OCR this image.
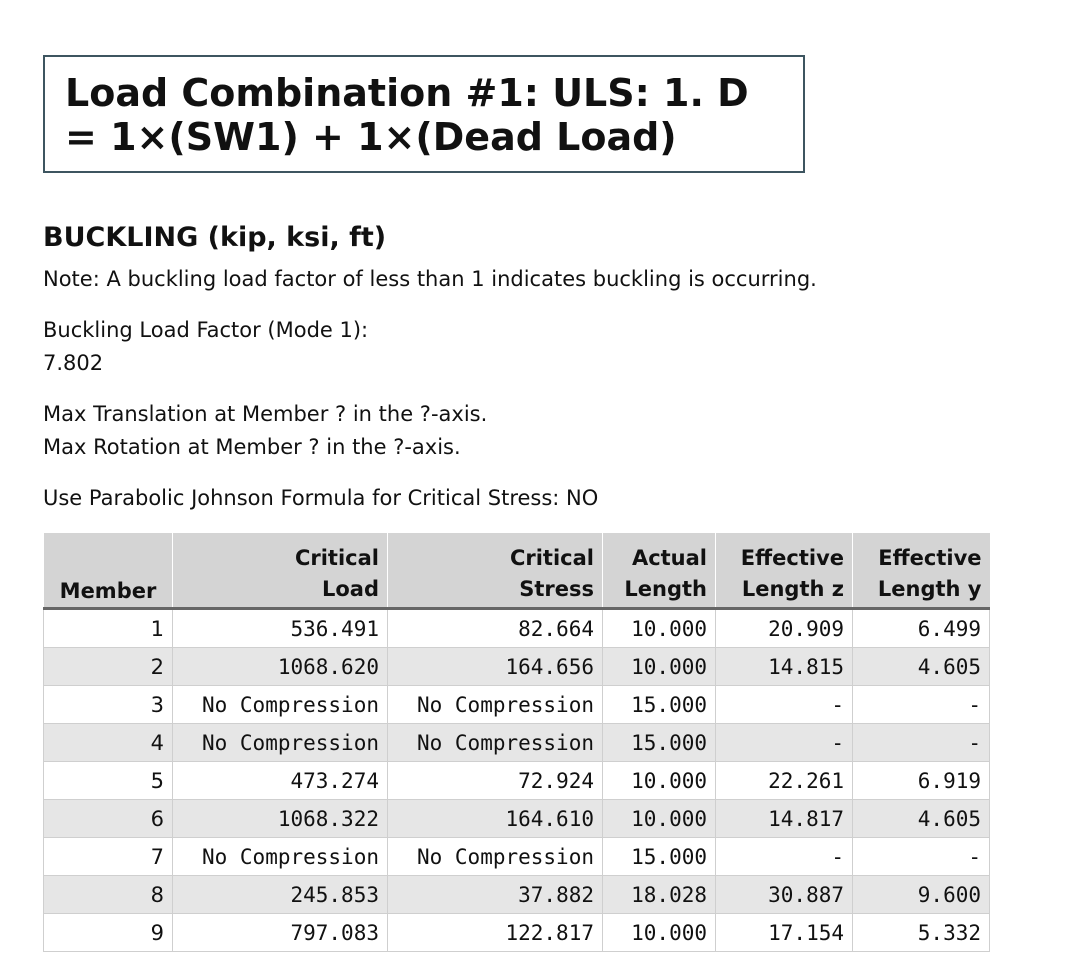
Load Combination #1: ULS: 1. D
= 1×(SW1) + 1×(Dead Load)
BUCKLING (kip, ksi, ft)

Note: A buckling load factor of less than 1 indicates buckling is occurring.

Buckling Load Factor (Mode 1):

7.802

Max Translation at Member ? in the ?-axis.

Max Rotation at Member ? in the ?-axis.

Use Parabolic Johnson Formula for Critical Stress: NO

Member	Critical	Critical	Actual	Effective	Effective
	Load	Stress	Length	Length z	Length y
1	536.491	82.664	10.000	20.909	6.499
2	1068.620	164.656	10.000	14.815	4.605
3	No Compression	No Compression	15.000	-	-
4	No Compression	No Compression	15.000	-	-
5	473.274	72.924	10.000	22.261	6.919
6	1068.322	164.610	10.000	14.817	4.605
7	No Compression	No Compression	15.000	-	-
8	245.853	37.882	18.028	30.887	9.600
9	797.083	122.817	10.000	17.154	5.332
